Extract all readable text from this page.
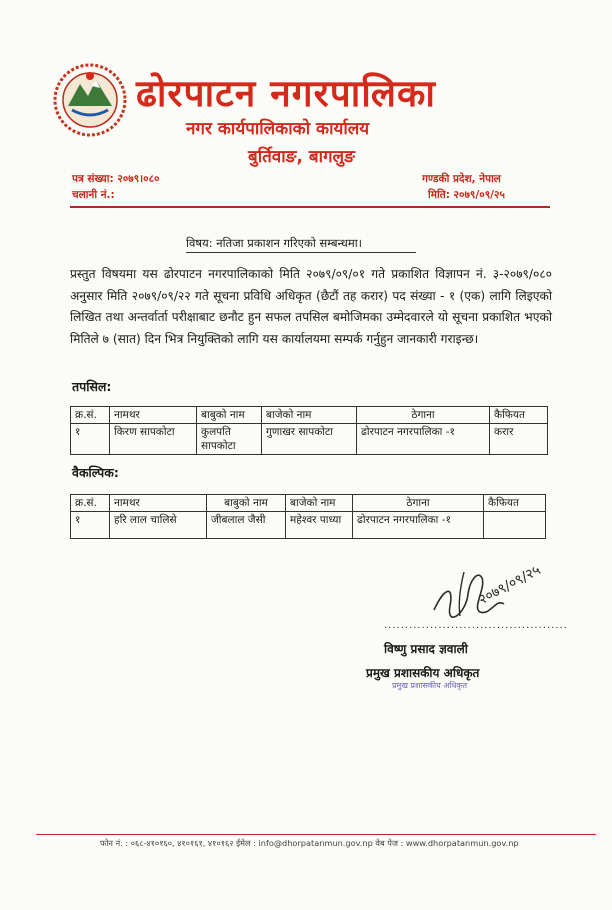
ढोरपाटन नगरपालिका
नगर कार्यपालिकाको कार्यालय
बुर्तिवाङ, बागलुङ
पत्र संख्या: २०७९।०८०
चलानी नं.:
गण्डकी प्रदेश, नेपाल
मिति: २०७९/०९/२५
विषय: नतिजा प्रकाशन गरिएको सम्बन्धमा।
प्रस्तुत विषयमा यस ढोरपाटन नगरपालिकाको मिति २०७९/०९/०१ गते प्रकाशित विज्ञापन नं. ३-२०७९/०८० अनुसार मिति २०७९/०९/२२ गते सूचना प्रविधि अधिकृत (छैटौं तह करार) पद संख्या - १ (एक) लागि लिइएको लिखित तथा अन्तर्वार्ता परीक्षाबाट छनौट हुन सफल तपसिल बमोजिमका उम्मेदवारले यो सूचना प्रकाशित भएको मितिले ७ (सात) दिन भित्र नियुक्तिको लागि यस कार्यालयमा सम्पर्क गर्नुहुन जानकारी गराइन्छ।
तपसिल:
क्र.सं.	नामथर	बाबुको नाम	बाजेको नाम	ठेगाना	कैफियत
१	किरण सापकोटा	कुलपति सापकोटा	गुणाखर सापकोटा	ढोरपाटन नगरपालिका -१	करार
वैकल्पिक:
क्र.सं.	नामथर	बाबुको नाम	बाजेको नाम	ठेगाना	कैफियत
१	हरि लाल चालिसे	जीबलाल जैसी	महेश्वर पाध्या	ढोरपाटन नगरपालिका -१	
२०७९/०९/२५
............................................
विष्णु प्रसाद ज्ञवाली
प्रमुख प्रशासकीय अधिकृत
प्रमुख प्रशासकीय अधिकृत
फोन नं. : ०६८-४१०१६०, ४१०१६१, ४१०१६२ ईमेल : info@dhorpatanmun.gov.np वेब पेज : www.dhorpatanmun.gov.np
